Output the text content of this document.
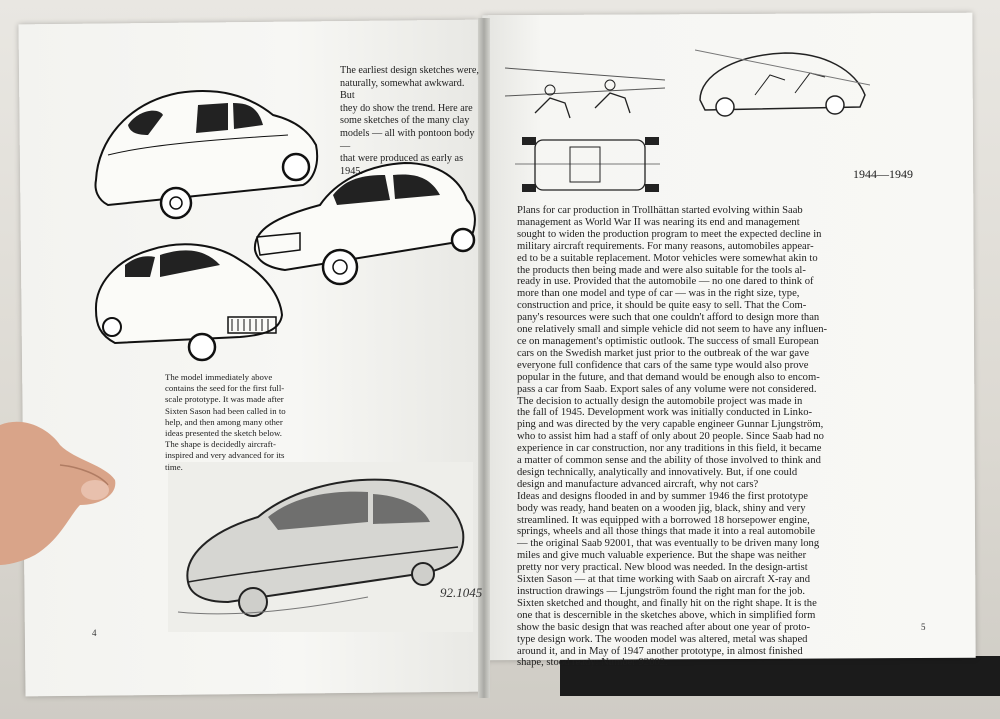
92.1045
The earliest design sketches were,
naturally, somewhat awkward. But
they do show the trend. Here are
some sketches of the many clay
models — all with pontoon body —
that were produced as early as 1945.
The model immediately above
contains the seed for the first full-
scale prototype. It was made after
Sixten Sason had been called in to
help, and then among many other
ideas presented the sketch below.
The shape is decidedly aircraft-
inspired and very advanced for its
time.
1944—1949
Plans for car production in Trollhättan started evolving within Saab
management as World War II was nearing its end and management
sought to widen the production program to meet the expected decline in
military aircraft requirements. For many reasons, automobiles appear-
ed to be a suitable replacement. Motor vehicles were somewhat akin to
the products then being made and were also suitable for the tools al-
ready in use. Provided that the automobile — no one dared to think of
more than one model and type of car — was in the right size, type,
construction and price, it should be quite easy to sell. That the Com-
pany's resources were such that one couldn't afford to design more than
one relatively small and simple vehicle did not seem to have any influen-
ce on management's optimistic outlook. The success of small European
cars on the Swedish market just prior to the outbreak of the war gave
everyone full confidence that cars of the same type would also prove
popular in the future, and that demand would be enough also to encom-
pass a car from Saab. Export sales of any volume were not considered.
The decision to actually design the automobile project was made in
the fall of 1945. Development work was initially conducted in Linko-
ping and was directed by the very capable engineer Gunnar Ljungström,
who to assist him had a staff of only about 20 people. Since Saab had no
experience in car construction, nor any traditions in this field, it became
a matter of common sense and the ability of those involved to think and
design technically, analytically and innovatively. But, if one could
design and manufacture advanced aircraft, why not cars?
Ideas and designs flooded in and by summer 1946 the first prototype
body was ready, hand beaten on a wooden jig, black, shiny and very
streamlined. It was equipped with a borrowed 18 horsepower engine,
springs, wheels and all those things that made it into a real automobile
— the original Saab 92001, that was eventually to be driven many long
miles and give much valuable experience. But the shape was neither
pretty nor very practical. New blood was needed. In the design-artist
Sixten Sason — at that time working with Saab on aircraft X-ray and
instruction drawings — Ljungström found the right man for the job.
Sixten sketched and thought, and finally hit on the right shape. It is the
one that is descernible in the sketches above, which in simplified form
show the basic design that was reached after about one year of proto-
type design work. The wooden model was altered, metal was shaped
around it, and in May of 1947 another prototype, in almost finished
shape, stood ready: Number 92002.
4
5
